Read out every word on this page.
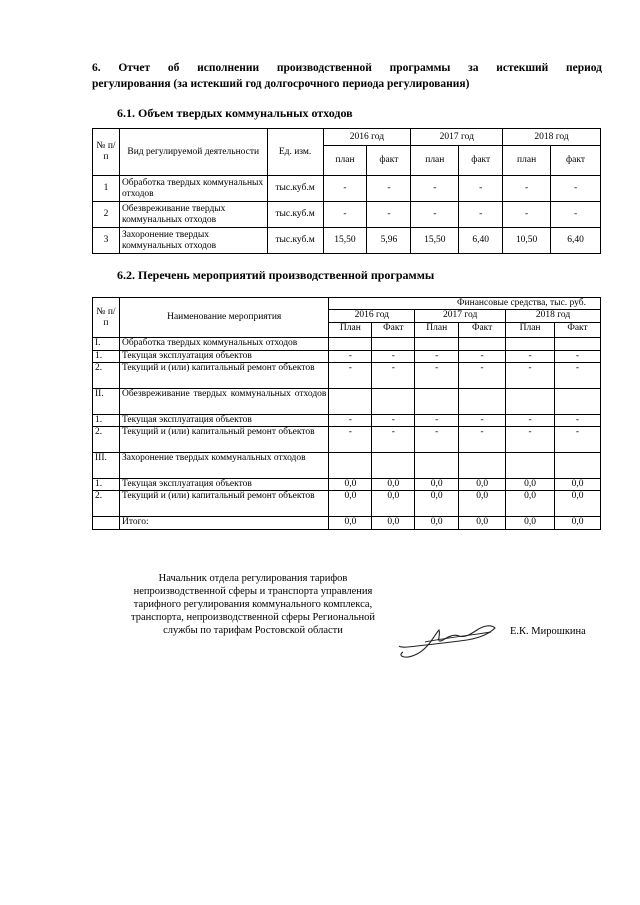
6. Отчет об исполнении производственной программы за истекший период
регулирования (за истекший год долгосрочного периода регулирования)
6.1. Объем твердых коммунальных отходов
№ п/п	Вид регулируемой деятельности	Ед. изм.	2016 год		2017 год		2018 год	
			план	факт	план	факт	план	факт
1	Обработка твердых коммунальных отходов	тыс.куб.м	-	-	-	-	-	-
2	Обезвреживание твердых коммунальных отходов	тыс.куб.м	-	-	-	-	-	-
3	Захоронение твердых коммунальных отходов	тыс.куб.м	15,50	5,96	15,50	6,40	10,50	6,40
6.2. Перечень мероприятий производственной программы
№ п/п	Наименование мероприятия	Финансовые средства, тыс. руб.					
		2016 год		2017 год		2018 год	
		План	Факт	План	Факт	План	Факт
I.	Обработка твердых коммунальных отходов						
1.	Текущая эксплуатация объектов	-	-	-	-	-	-
2.	Текущий и (или) капитальный ремонт объектов	-	-	-	-	-	-
II.	Обезвреживание твердых коммунальных отходов						
1.	Текущая эксплуатация объектов	-	-	-	-	-	-
2.	Текущий и (или) капитальный ремонт объектов	-	-	-	-	-	-
III.	Захоронение твердых коммунальных отходов						
1.	Текущая эксплуатация объектов	0,0	0,0	0,0	0,0	0,0	0,0
2.	Текущий и (или) капитальный ремонт объектов	0,0	0,0	0,0	0,0	0,0	0,0
	Итого:	0,0	0,0	0,0	0,0	0,0	0,0
Начальник отдела регулирования тарифов
непроизводственной сферы и транспорта управления
тарифного регулирования коммунального комплекса,
транспорта, непроизводственной сферы Региональной
службы по тарифам Ростовской области	Е.К. Мирошкина
